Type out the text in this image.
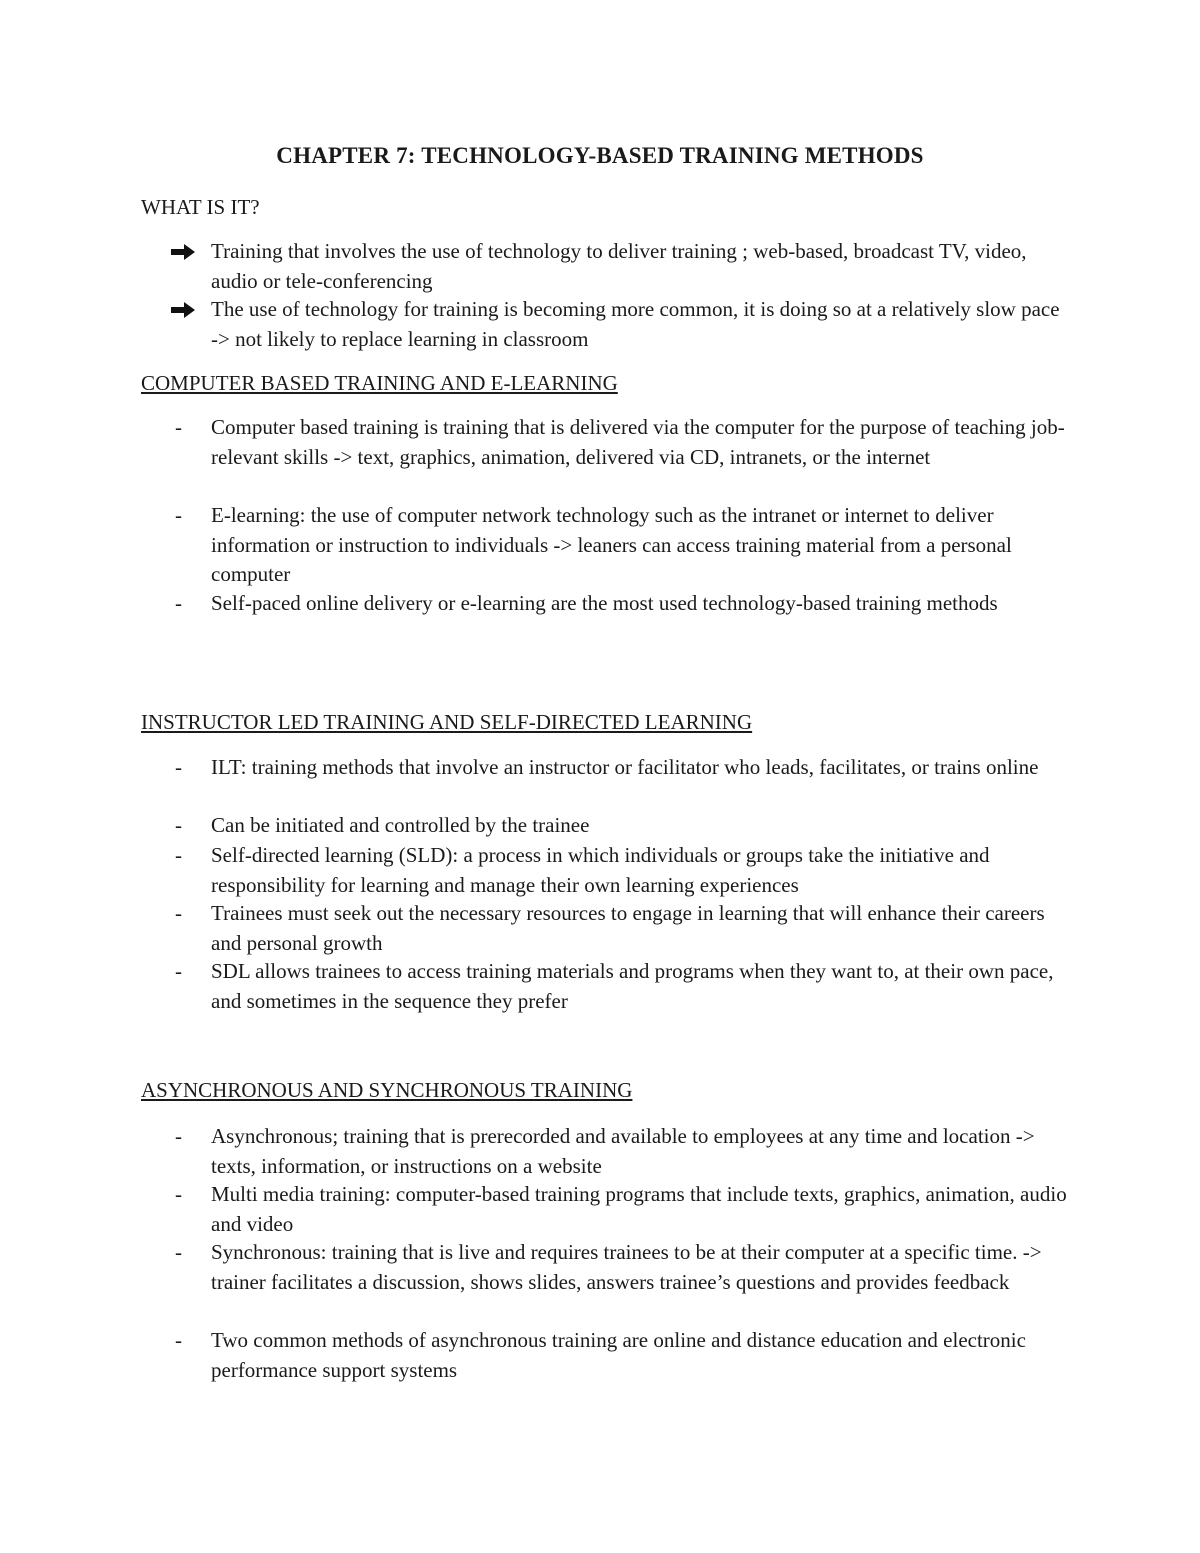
CHAPTER 7: TECHNOLOGY-BASED TRAINING METHODS
WHAT IS IT?
Training that involves the use of technology to deliver training ; web-based, broadcast TV, video, audio or tele-conferencing
The use of technology for training is becoming more common, it is doing so at a relatively slow pace -> not likely to replace learning in classroom
COMPUTER BASED TRAINING AND E-LEARNING
- Computer based training is training that is delivered via the computer for the purpose of teaching job-relevant skills -> text, graphics, animation, delivered via CD, intranets, or the internet
- E-learning: the use of computer network technology such as the intranet or internet to deliver information or instruction to individuals -> leaners can access training material from a personal computer
- Self-paced online delivery or e-learning are the most used technology-based training methods
INSTRUCTOR LED TRAINING AND SELF-DIRECTED LEARNING
- ILT: training methods that involve an instructor or facilitator who leads, facilitates, or trains online
- Can be initiated and controlled by the trainee
- Self-directed learning (SLD): a process in which individuals or groups take the initiative and responsibility for learning and manage their own learning experiences
- Trainees must seek out the necessary resources to engage in learning that will enhance their careers and personal growth
- SDL allows trainees to access training materials and programs when they want to, at their own pace, and sometimes in the sequence they prefer
ASYNCHRONOUS AND SYNCHRONOUS TRAINING
- Asynchronous; training that is prerecorded and available to employees at any time and location -> texts, information, or instructions on a website
- Multi media training: computer-based training programs that include texts, graphics, animation, audio and video
- Synchronous: training that is live and requires trainees to be at their computer at a specific time. -> trainer facilitates a discussion, shows slides, answers trainee’s questions and provides feedback
- Two common methods of asynchronous training are online and distance education and electronic performance support systems
